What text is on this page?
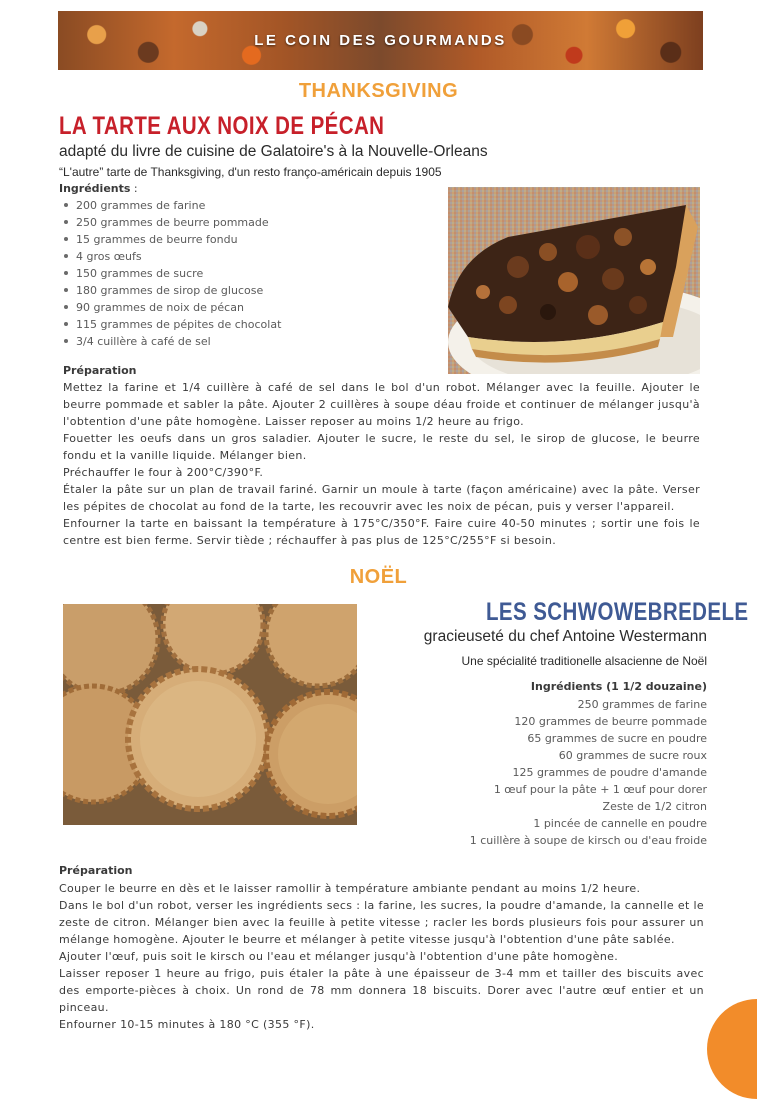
LE COIN DES GOURMANDS
THANKSGIVING
LA TARTE AUX NOIX DE PÉCAN
adapté du livre de cuisine de Galatoire's à la Nouvelle-Orleans
“L'autre” tarte de Thanksgiving, d'un resto franço-américain depuis 1905
Ingrédients :
200 grammes de farine
250 grammes de beurre pommade
15 grammes de beurre fondu
4 gros œufs
150 grammes de sucre
180 grammes de sirop de glucose
90 grammes de noix de pécan
115 grammes de pépites de chocolat
3/4 cuillère à café de sel
Préparation

Mettez la farine et 1/4 cuillère à café de sel dans le bol d'un robot. Mélanger avec la feuille. Ajouter le beurre pommade et sabler la pâte. Ajouter 2 cuillères à soupe déau froide et continuer de mélanger jusqu'à l'obtention d'une pâte homogène. Laisser reposer au moins 1/2 heure au frigo.

Fouetter les oeufs dans un gros saladier. Ajouter le sucre, le reste du sel, le sirop de glucose, le beurre fondu et la vanille liquide. Mélanger bien.

Préchauffer le four à 200°C/390°F.

Étaler la pâte sur un plan de travail fariné. Garnir un moule à tarte (façon américaine) avec la pâte. Verser les pépites de chocolat au fond de la tarte, les recouvrir avec les noix de pécan, puis y verser l'appareil.

Enfourner la tarte en baissant la température à 175°C/350°F. Faire cuire 40-50 minutes ; sortir une fois le centre est bien ferme. Servir tiède ; réchauffer à pas plus de 125°C/255°F si besoin.

NOËL
LES SCHWOWEBREDELE
gracieuseté du chef Antoine Westermann
Une spécialité traditionelle alsacienne de Noël
Ingrédients (1 1/2 douzaine)
250 grammes de farine
120 grammes de beurre pommade
65 grammes de sucre en poudre
60 grammes de sucre roux
125 grammes de poudre d'amande
1 œuf pour la pâte + 1 œuf pour dorer
Zeste de 1/2 citron
1 pincée de cannelle en poudre
1 cuillère à soupe de kirsch ou d'eau froide
Préparation

Couper le beurre en dès et le laisser ramollir à température ambiante pendant au moins 1/2 heure.

Dans le bol d'un robot, verser les ingrédients secs : la farine, les sucres, la poudre d'amande, la cannelle et le zeste de citron. Mélanger bien avec la feuille à petite vitesse ; racler les bords plusieurs fois pour assurer un mélange homogène. Ajouter le beurre et mélanger à petite vitesse jusqu'à l'obtention d'une pâte sablée.

Ajouter l'œuf, puis soit le kirsch ou l'eau et mélanger jusqu'à l'obtention d'une pâte homogène.

Laisser reposer 1 heure au frigo, puis étaler la pâte à une épaisseur de 3-4 mm et tailler des biscuits avec des emporte-pièces à choix. Un rond de 78 mm donnera 18 biscuits. Dorer avec l'autre œuf entier et un pinceau.

Enfourner 10-15 minutes à 180 °C (355 °F).
